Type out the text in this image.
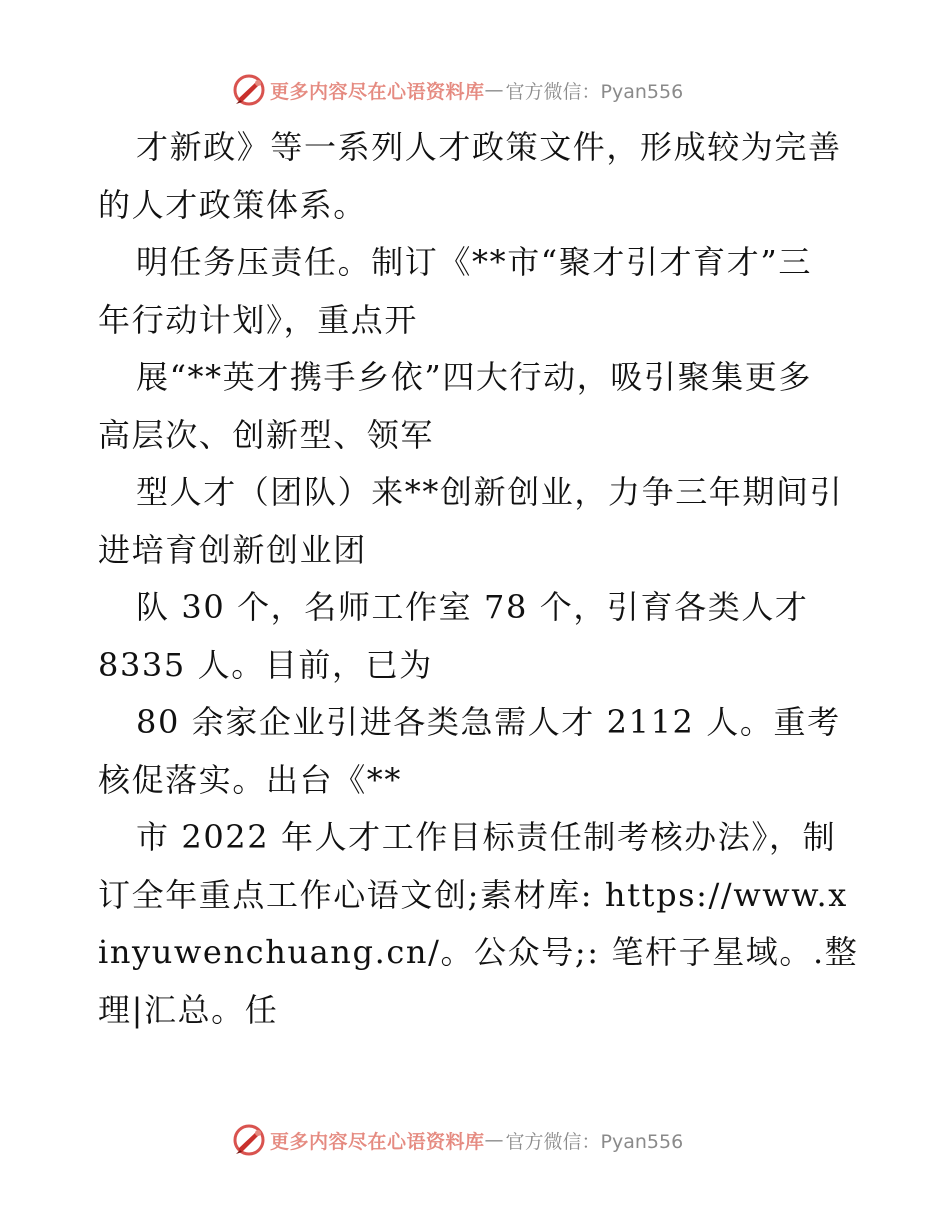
更多内容尽在心语资料库 — 官方微信：Pyan556
才新政》等一系列人才政策文件，形成较为完善
的人才政策体系。
明任务压责任。制订《**市“聚才引才育才”三
年行动计划》，重点开
展“**英才携手乡依”四大行动，吸引聚集更多
高层次、创新型、领军
型人才（团队）来**创新创业，力争三年期间引
进培育创新创业团
队 30 个，名师工作室 78 个，引育各类人才
8335 人。目前，已为
80 余家企业引进各类急需人才 2112 人。重考
核促落实。出台《**
市 2022 年人才工作目标责任制考核办法》，制
订全年重点工作心语文创;素材库: https://www.x
inyuwenchuang.cn/。公众号;: 笔杆子星域。.整
理|汇总。任
更多内容尽在心语资料库 — 官方微信：Pyan556
